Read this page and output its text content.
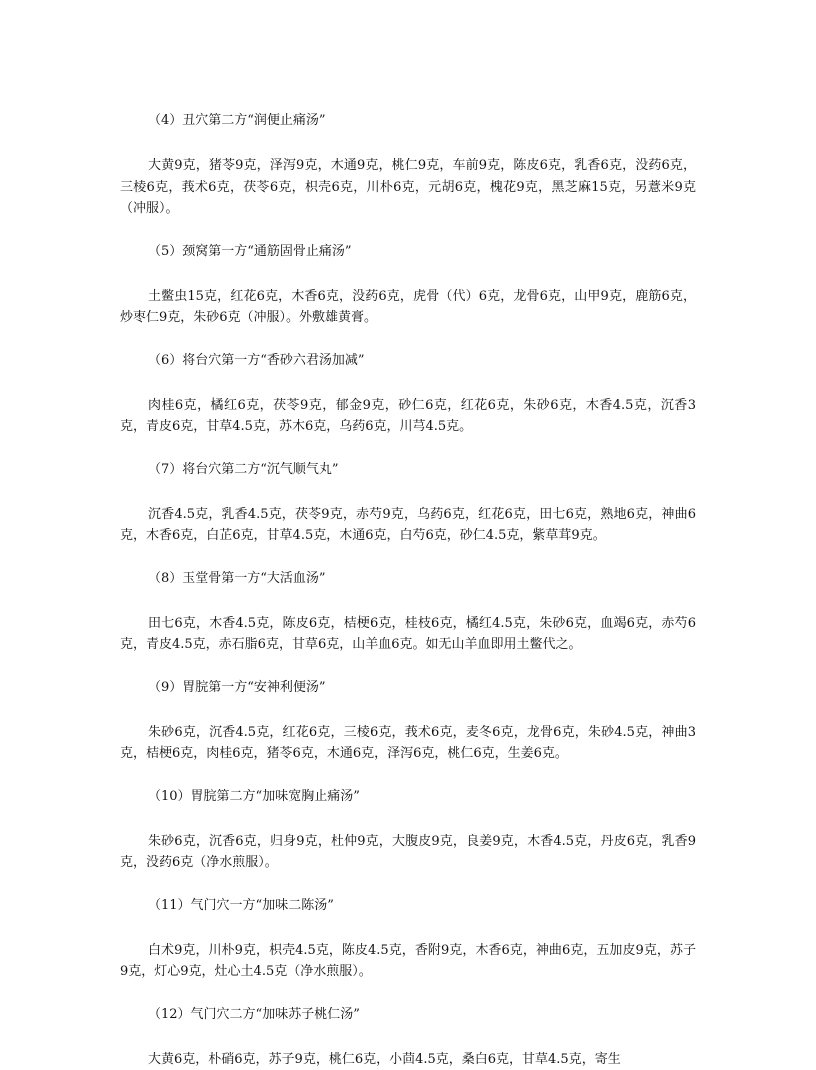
（4）丑穴第二方“润便止痛汤”

大黄9克，猪苓9克，泽泻9克，木通9克，桃仁9克，车前9克，陈皮6克，乳香6克，没药6克，三棱6克，莪术6克，茯苓6克，枳壳6克，川朴6克，元胡6克，槐花9克，黑芝麻15克，另薏米9克（冲服）。

（5）颈窝第一方“通筋固骨止痛汤”

土鳖虫15克，红花6克，木香6克，没药6克，虎骨（代）6克，龙骨6克，山甲9克，鹿筋6克，炒枣仁9克，朱砂6克（冲服）。外敷雄黄膏。

（6）将台穴第一方“香砂六君汤加减”

肉桂6克，橘红6克，茯苓9克，郁金9克，砂仁6克，红花6克，朱砂6克，木香4.5克，沉香3克，青皮6克，甘草4.5克，苏木6克，乌药6克，川芎4.5克。

（7）将台穴第二方“沉气顺气丸”

沉香4.5克，乳香4.5克，茯苓9克，赤芍9克，乌药6克，红花6克，田七6克，熟地6克，神曲6克，木香6克，白芷6克，甘草4.5克，木通6克，白芍6克，砂仁4.5克，紫草茸9克。

（8）玉堂骨第一方“大活血汤”

田七6克，木香4.5克，陈皮6克，桔梗6克，桂枝6克，橘红4.5克，朱砂6克，血竭6克，赤芍6克，青皮4.5克，赤石脂6克，甘草6克，山羊血6克。如无山羊血即用土鳖代之。

（9）胃脘第一方“安神利便汤”

朱砂6克，沉香4.5克，红花6克，三棱6克，莪术6克，麦冬6克，龙骨6克，朱砂4.5克，神曲3克，桔梗6克，肉桂6克，猪苓6克，木通6克，泽泻6克，桃仁6克，生姜6克。

（10）胃脘第二方“加味宽胸止痛汤”

朱砂6克，沉香6克，归身9克，杜仲9克，大腹皮9克，良姜9克，木香4.5克，丹皮6克，乳香9克，没药6克（净水煎服）。

（11）气门穴一方“加味二陈汤”

白术9克，川朴9克，枳壳4.5克，陈皮4.5克，香附9克，木香6克，神曲6克，五加皮9克，苏子9克，灯心9克，灶心土4.5克（净水煎服）。

（12）气门穴二方“加味苏子桃仁汤”

大黄6克，朴硝6克，苏子9克，桃仁6克，小茴4.5克，桑白6克，甘草4.5克，寄生
